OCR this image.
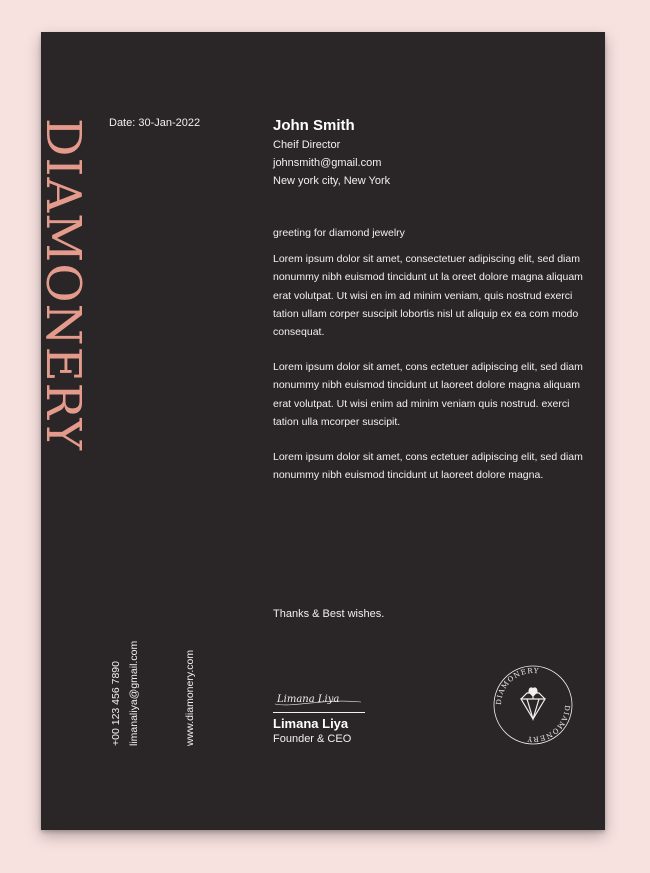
DIAMONERY Date: 30-Jan-2022
+00 123 456 7890 limanaliya@gmail.com	www.diamonery.com
John Smith
Cheif Director
johnsmith@gmail.com
New york city, New York

greeting for diamond jewelry

Lorem ipsum dolor sit amet, consectetuer adipiscing elit, sed diam nonummy nibh euismod tincidunt ut la oreet dolore magna aliquam erat volutpat. Ut wisi en im ad minim veniam, quis nostrud exerci tation ullam corper suscipit lobortis nisl ut aliquip ex ea com modo consequat.

Lorem ipsum dolor sit amet, cons ectetuer adipiscing elit, sed diam nonummy nibh euismod tincidunt ut laoreet dolore magna aliquam erat volutpat. Ut wisi enim ad minim veniam quis nostrud. exerci tation ulla mcorper suscipit.

Lorem ipsum dolor sit amet, cons ectetuer adipiscing elit, sed diam nonummy nibh euismod tincidunt ut laoreet dolore magna.

Thanks & Best wishes.
Limana Liya
Limana Liya
Founder & CEO
DIAMONERY
DIAMONERY
